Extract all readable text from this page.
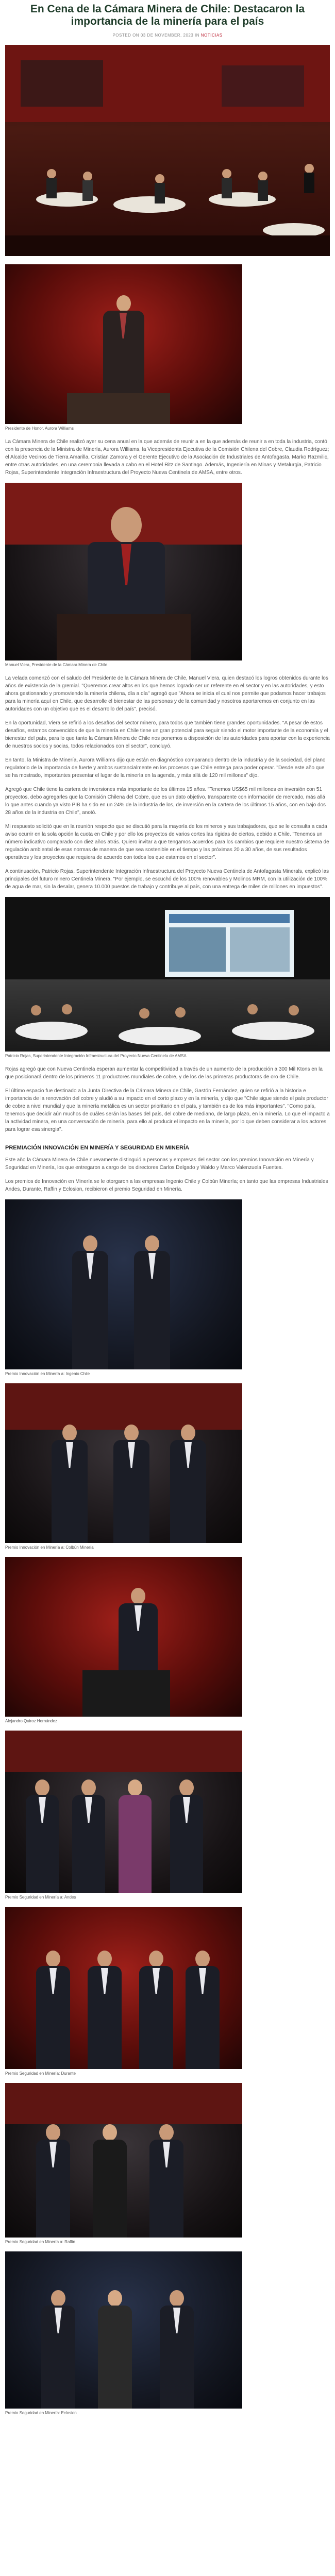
En Cena de la Cámara Minera de Chile: Destacaron la importancia de la minería para el país
POSTED ON 03 DE NOVEMBER, 2023 IN NOTICIAS
Presidente de Honor, Aurora Williams

La Cámara Minera de Chile realizó ayer su cena anual en la que además de reunir a en la que además de reunir a en toda la industria, contó con la presencia de la Ministra de Minería, Aurora Williams, la Vicepresidenta Ejecutiva de la Comisión Chilena del Cobre, Claudia Rodríguez; el Alcalde Vecinos de Tierra Amarilla, Cristian Zamora y el Gerente Ejecutivo de la Asociación de Industriales de Antofagasta, Marko Razmilic, entre otras autoridades, en una ceremonia llevada a cabo en el Hotel Ritz de Santiago. Además, Ingeniería en Minas y Metalurgia, Patricio Rojas, Superintendente Integración Infraestructura del Proyecto Nueva Centinela de AMSA, entre otros.

Manuel Viera, Presidente de la Cámara Minera de Chile

La velada comenzó con el saludo del Presidente de la Cámara Minera de Chile, Manuel Viera, quien destacó los logros obtenidos durante los años de existencia de la gremial. "Queremos crear altos en los que hemos logrado ser un referente en el sector y en las autoridades, y esto ahora gestionando y promoviendo la minería chilena, día a día" agregó que "Ahora se inicia el cual nos permite que podamos hacer trabajos para la minería aquí en Chile, que desarrolle el bienestar de las personas y de la comunidad y nosotros aportaremos en conjunto en las autoridades con un objetivo que es el desarrollo del país", precisó.

En la oportunidad, Viera se refirió a los desafíos del sector minero, para todos que también tiene grandes oportunidades. "A pesar de estos desafíos, estamos convencidos de que la minería en Chile tiene un gran potencial para seguir siendo el motor importante de la economía y el bienestar del país, para lo que tanto la Cámara Minera de Chile nos ponemos a disposición de las autoridades para aportar con la experiencia de nuestros socios y socias, todos relacionados con el sector", concluyó.

En tanto, la Ministra de Minería, Aurora Williams dijo que están en diagnóstico comparando dentro de la industria y de la sociedad, del plano regulatorio de la importancia de fuerte y ambos sustancialmente en los procesos que Chile entrega para poder operar. "Desde este año que se ha mostrado, importantes presentar el lugar de la minería en la agenda, y más allá de 120 mil millones" dijo.

Agregó que Chile tiene la cartera de inversiones más importante de los últimos 15 años. "Tenemos US$65 mil millones en inversión con 51 proyectos, debo agregarles que la Comisión Chilena del Cobre, que es un dato objetivo, transparente con información de mercado, más allá lo que antes cuando ya visto PIB ha sido en un 24% de la industria de los, de inversión en la cartera de los últimos 15 años, con en bajo dos 28 años de la industria en Chile", anotó.

Mi respuesto solicitó que en la reunión respecto que se discutió para la mayoría de los mineros y sus trabajadores, que se le consulta a cada aviso ocurrir en la sola opción la cuota en Chile y por ello los proyectos de varios cortes las rígidas de ciertos, debido a Chile. "Tenemos un número indicativo comparado con diez años atrás. Quiero invitar a que tengamos acuerdos para los cambios que requiere nuestro sistema de regulación ambiental de esas normas de manera de que sea sostenible en el tiempo y las próximas 20 a 30 años, de sus resultados operativos y los proyectos que requiera de acuerdo con todos los que estamos en el sector".

A continuación, Patricio Rojas, Superintendente Integración Infraestructura del Proyecto Nueva Centinela de Antofagasta Minerals, explicó las principales del futuro minero Centinela Minera. "Por ejemplo, se escuchó de los 100% renovables y Molinos MRM, con la utilización de 100% de agua de mar, sin la desalar, genera 10.000 puestos de trabajo y contribuye al país, con una entrega de miles de millones en impuestos".

Patricio Rojas, Superintendente Integración Infraestructura del Proyecto Nueva Centinela de AMSA

Rojas agregó que con Nueva Centinela esperan aumentar la competitividad a través de un aumento de la producción a 300 Mil Ktons en la que posicionará dentro de los primeros 11 productores mundiales de cobre, y de los de las primeras productoras de oro de Chile.

El último espacio fue destinado a la Junta Directiva de la Cámara Minera de Chile, Gastón Fernández, quien se refirió a la historia e importancia de la renovación del cobre y aludió a su impacto en el corto plazo y en la minería, y dijo que "Chile sigue siendo el país productor de cobre a nivel mundial y que la minería metálica es un sector prioritario en el país, y también es de los más importantes". "Como país, tenemos que decidir aún muchos de cuáles serán las bases del país, del cobre de mediano, de largo plazo, en la minería. Lo que el impacto a la actividad minera, en una conversación de minería, para ello al producir el impacto en la minería, por lo que deben considerar a los actores para lograr esa sinergia".

PREMIACIÓN INNOVACIÓN EN MINERÍA Y SEGURIDAD EN MINERÍA

Este año la Cámara Minera de Chile nuevamente distinguió a personas y empresas del sector con los premios Innovación en Minería y Seguridad en Minería, los que entregaron a cargo de los directores Carlos Delgado y Waldo y Marco Valenzuela Fuentes.

Los premios de Innovación en Minería se le otorgaron a las empresas Ingenio Chile y Colbún Minería; en tanto que las empresas Industriales Andes, Durante, Raffin y Eclosion, recibieron el premio Seguridad en Minería.

Premio Innovación en Minería a: Ingenio Chile
Premio Innovación en Minería a: Colbún Minería
Alejandro Quiroz Hernández
Premio Seguridad en Minería a: Andes
Premio Seguridad en Minería: Durante
Premio Seguridad en Minería a: Raffin
Premio Seguridad en Minería: Eclosion
